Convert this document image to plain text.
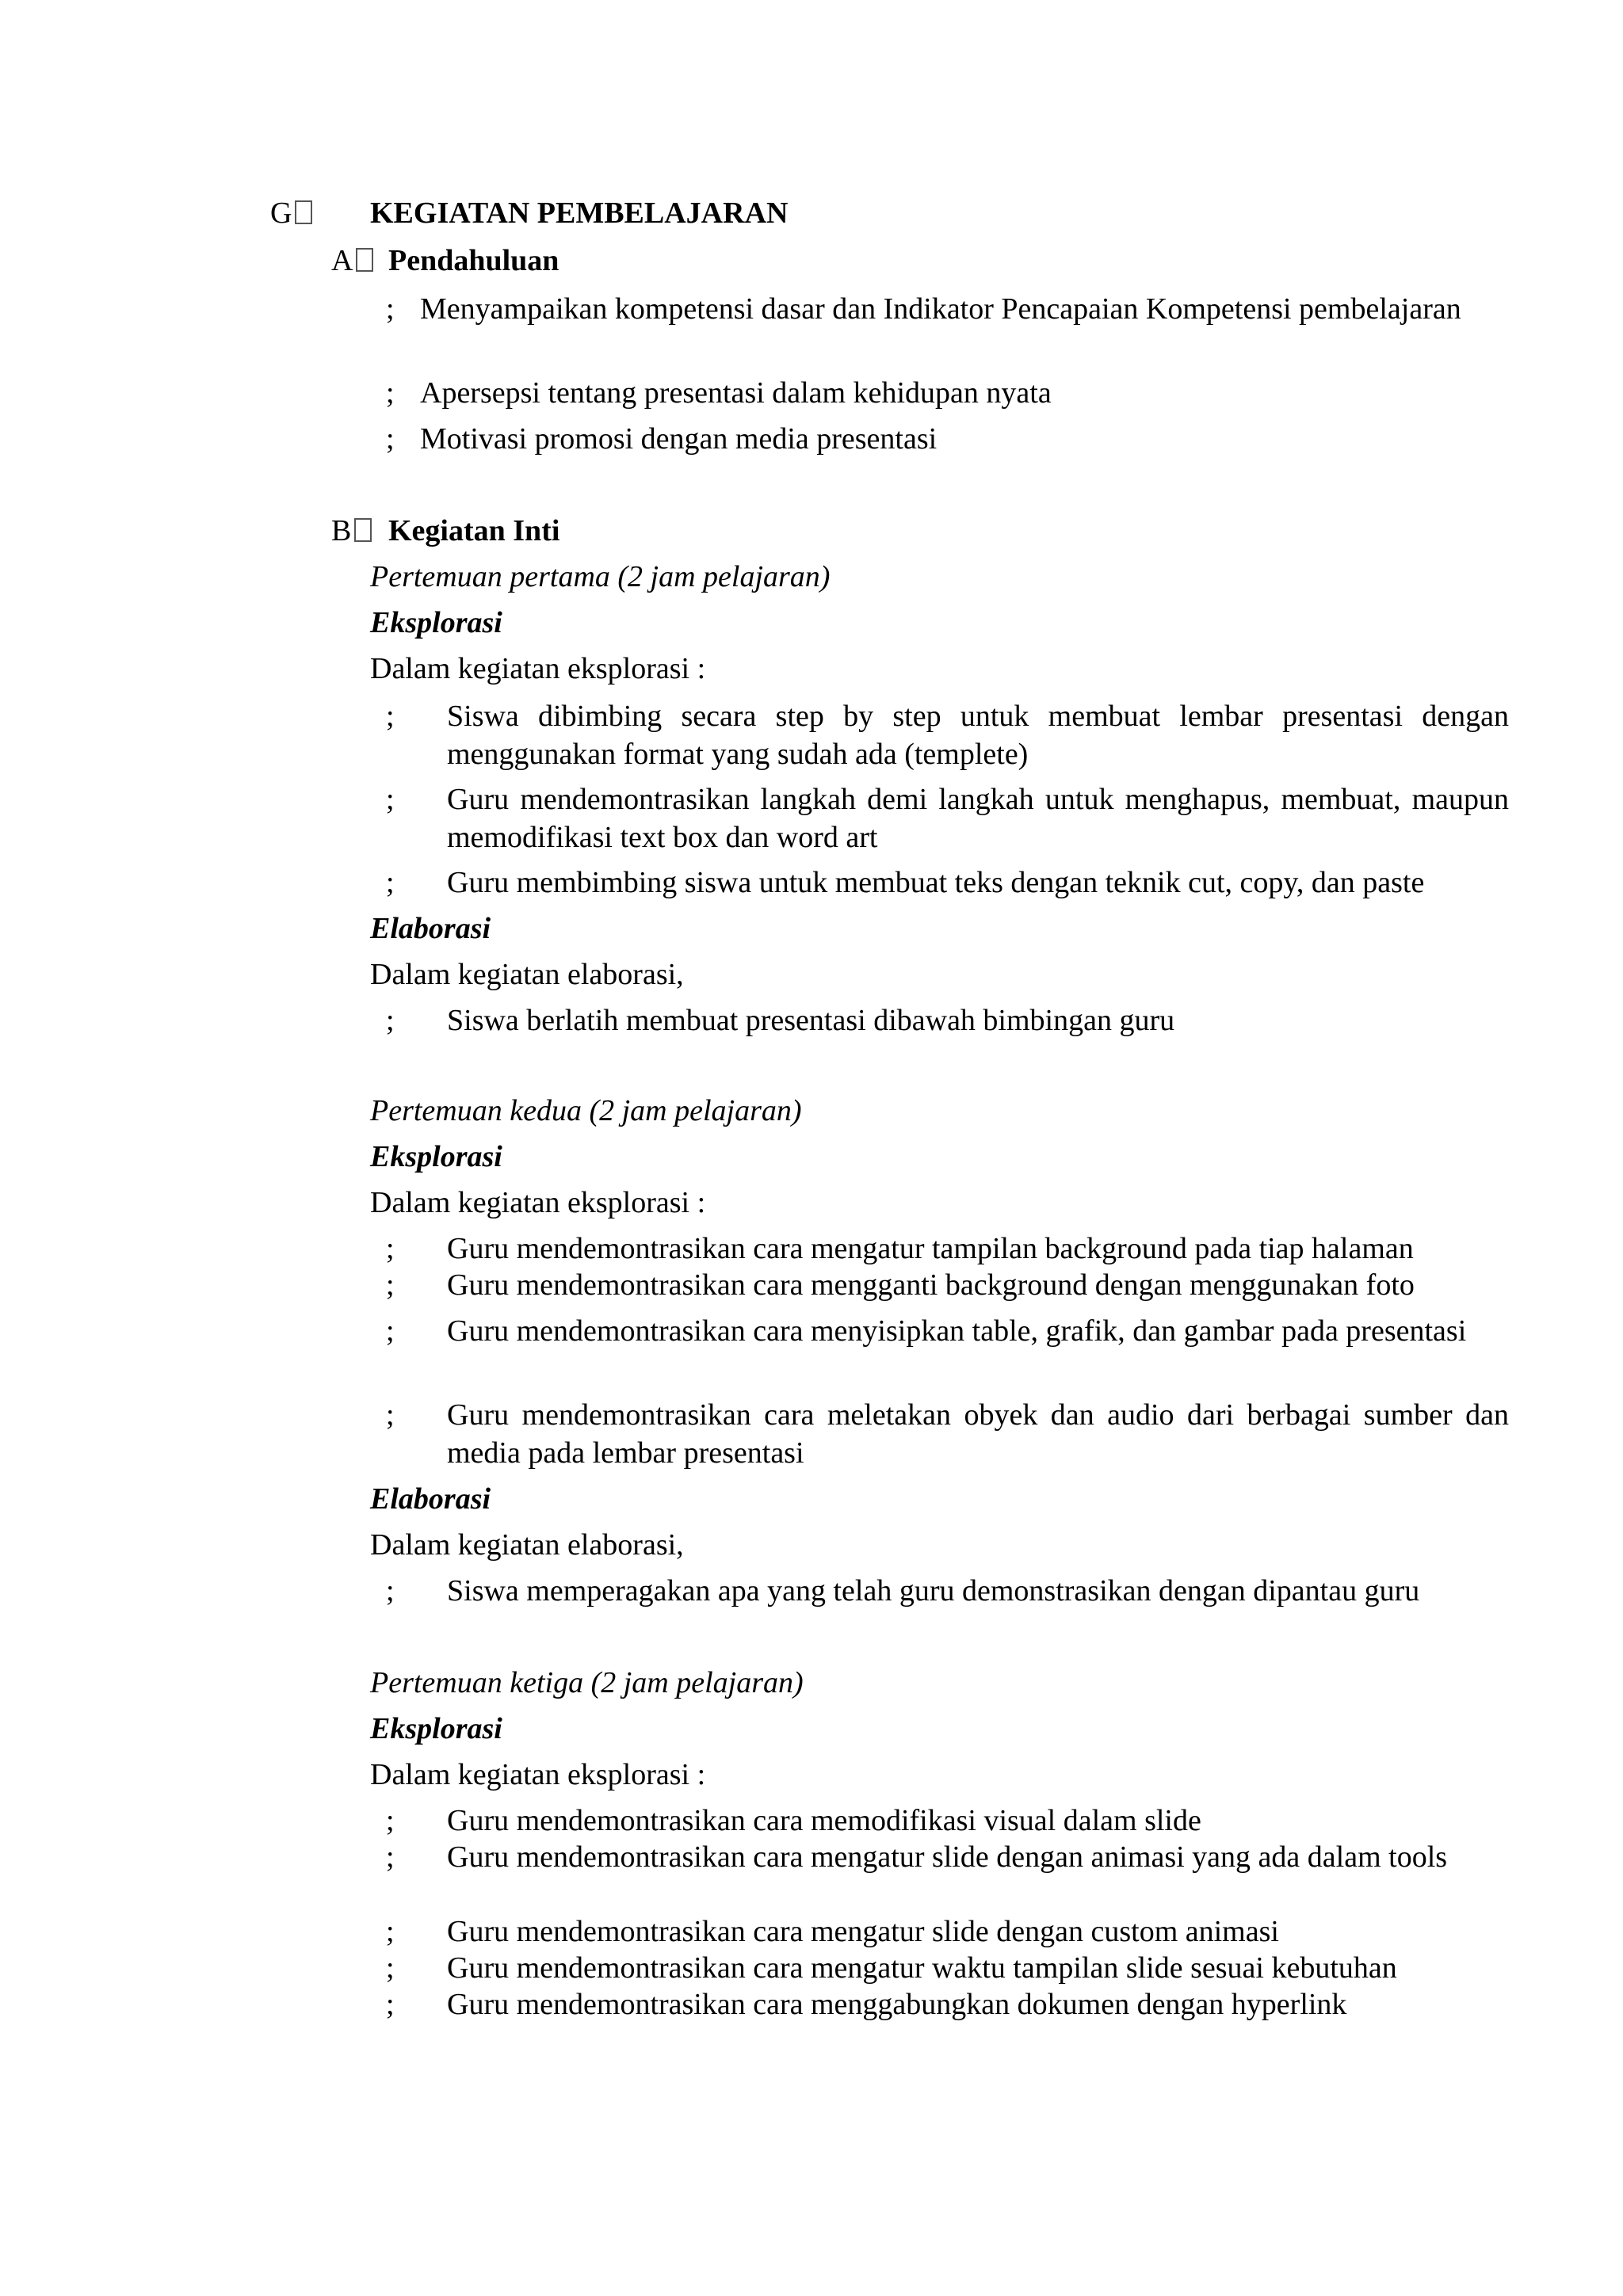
G	KEGIATAN PEMBELAJARAN
A	Pendahuluan
; Menyampaikan kompetensi dasar dan Indikator Pencapaian Kompetensi pembelajaran
; Apersepsi tentang presentasi dalam kehidupan nyata
; Motivasi promosi dengan media presentasi
B	Kegiatan Inti
Pertemuan pertama (2 jam pelajaran)
Eksplorasi
Dalam kegiatan eksplorasi :
; Siswa dibimbing secara step by step untuk membuat lembar presentasi dengan menggunakan format yang sudah ada (templete)
; Guru mendemontrasikan langkah demi langkah untuk menghapus, membuat, maupun memodifikasi text box dan word art
; Guru membimbing siswa untuk membuat teks dengan teknik cut, copy, dan paste
Elaborasi
Dalam kegiatan elaborasi,
; Siswa berlatih membuat presentasi dibawah bimbingan guru
Pertemuan kedua (2 jam pelajaran)
Eksplorasi
Dalam kegiatan eksplorasi :
; Guru mendemontrasikan cara mengatur tampilan background pada tiap halaman
; Guru mendemontrasikan cara mengganti background dengan menggunakan foto
; Guru mendemontrasikan cara menyisipkan table, grafik, dan gambar pada presentasi
; Guru mendemontrasikan cara meletakan obyek dan audio dari berbagai sumber dan media pada lembar presentasi
Elaborasi
Dalam kegiatan elaborasi,
; Siswa memperagakan apa yang telah guru demonstrasikan dengan dipantau guru
Pertemuan ketiga (2 jam pelajaran)
Eksplorasi
Dalam kegiatan eksplorasi :
; Guru mendemontrasikan cara memodifikasi visual dalam slide
; Guru mendemontrasikan cara mengatur slide dengan animasi yang ada dalam tools
; Guru mendemontrasikan cara mengatur slide dengan custom animasi
; Guru mendemontrasikan cara mengatur waktu tampilan slide sesuai kebutuhan
; Guru mendemontrasikan cara menggabungkan dokumen dengan hyperlink
